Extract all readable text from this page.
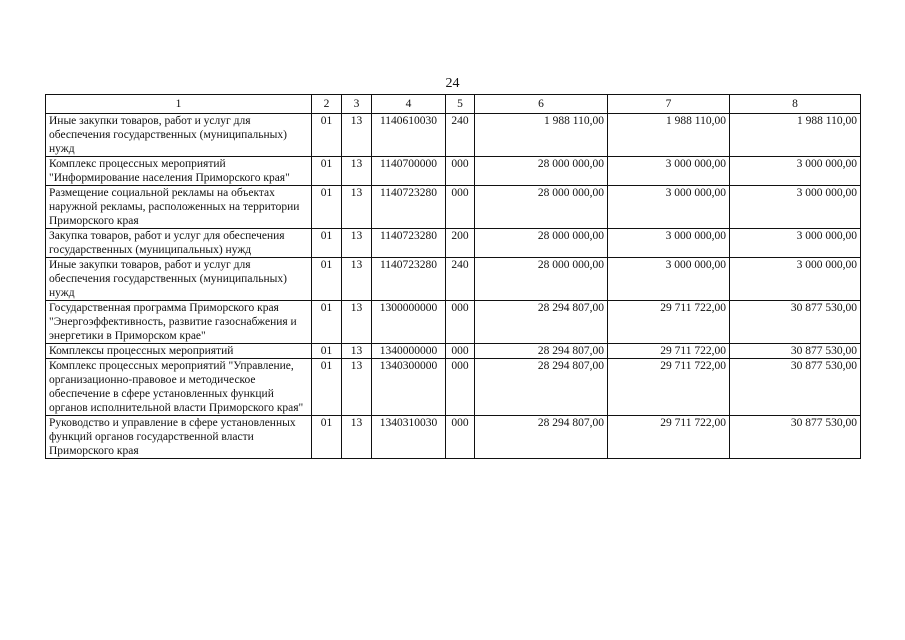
24
1	2	3	4	5	6	7	8
Иные закупки товаров, работ и услуг для обеспечения государственных (муниципальных) нужд	01	13	1140610030	240	1 988 110,00	1 988 110,00	1 988 110,00
Комплекс процессных мероприятий "Информирование населения Приморского края"	01	13	1140700000	000	28 000 000,00	3 000 000,00	3 000 000,00
Размещение социальной рекламы на объектах наружной рекламы, расположенных на территории Приморского края	01	13	1140723280	000	28 000 000,00	3 000 000,00	3 000 000,00
Закупка товаров, работ и услуг для обеспечения государственных (муниципальных) нужд	01	13	1140723280	200	28 000 000,00	3 000 000,00	3 000 000,00
Иные закупки товаров, работ и услуг для обеспечения государственных (муниципальных) нужд	01	13	1140723280	240	28 000 000,00	3 000 000,00	3 000 000,00
Государственная программа Приморского края "Энергоэффективность, развитие газоснабжения и энергетики в Приморском крае"	01	13	1300000000	000	28 294 807,00	29 711 722,00	30 877 530,00
Комплексы процессных мероприятий	01	13	1340000000	000	28 294 807,00	29 711 722,00	30 877 530,00
Комплекс процессных мероприятий "Управление, организационно-правовое и методическое обеспечение в сфере установленных функций органов исполнительной власти Приморского края"	01	13	1340300000	000	28 294 807,00	29 711 722,00	30 877 530,00
Руководство и управление в сфере установленных функций органов государственной власти Приморского края	01	13	1340310030	000	28 294 807,00	29 711 722,00	30 877 530,00
